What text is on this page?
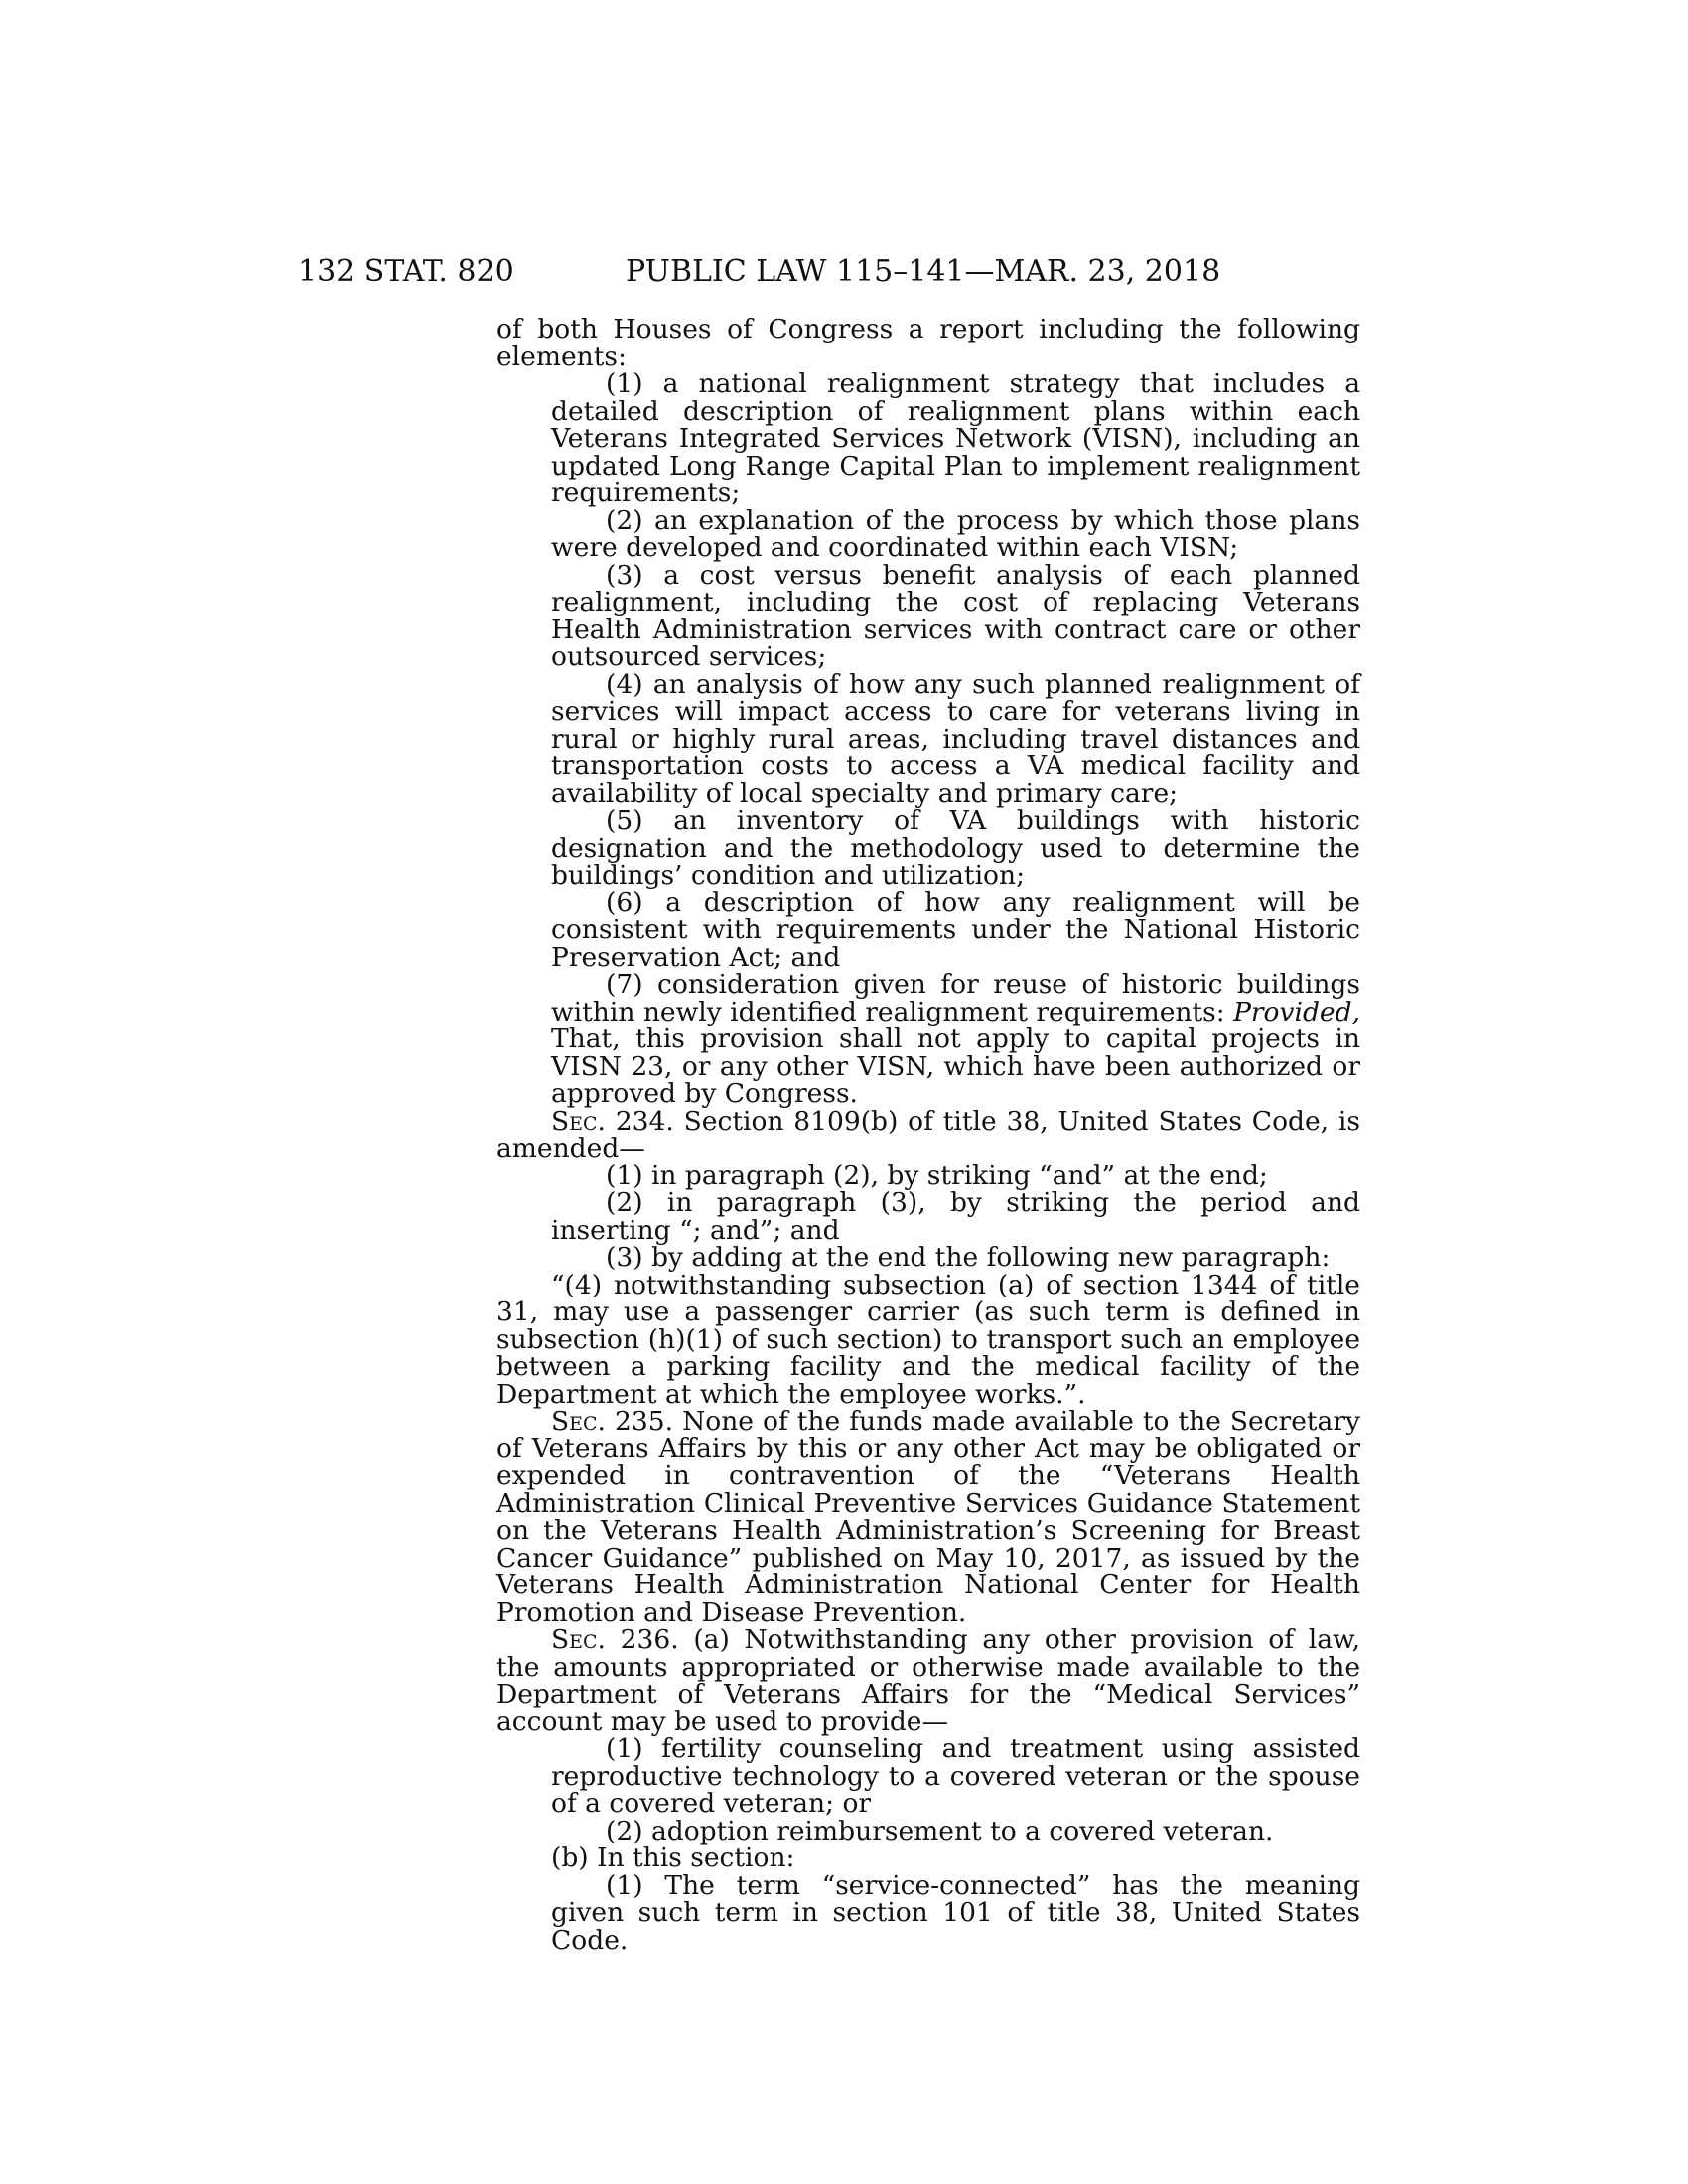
132 STAT. 820	PUBLIC LAW 115–141—MAR. 23, 2018

of both Houses of Congress a report including the following elements:

(1) a national realignment strategy that includes a detailed description of realignment plans within each Veterans Integrated Services Network (VISN), including an updated Long Range Capital Plan to implement realignment requirements;

(2) an explanation of the process by which those plans were developed and coordinated within each VISN;

(3) a cost versus benefit analysis of each planned realignment, including the cost of replacing Veterans Health Administration services with contract care or other outsourced services;

(4) an analysis of how any such planned realignment of services will impact access to care for veterans living in rural or highly rural areas, including travel distances and transportation costs to access a VA medical facility and availability of local specialty and primary care;

(5) an inventory of VA buildings with historic designation and the methodology used to determine the buildings’ condition and utilization;

(6) a description of how any realignment will be consistent with requirements under the National Historic Preservation Act; and

(7) consideration given for reuse of historic buildings within newly identified realignment requirements: Provided, That, this provision shall not apply to capital projects in VISN 23, or any other VISN, which have been authorized or approved by Congress.

Sec. 234. Section 8109(b) of title 38, United States Code, is amended—

(1) in paragraph (2), by striking “and” at the end;

(2) in paragraph (3), by striking the period and inserting “; and”; and

(3) by adding at the end the following new paragraph:

“(4) notwithstanding subsection (a) of section 1344 of title 31, may use a passenger carrier (as such term is defined in subsection (h)(1) of such section) to transport such an employee between a parking facility and the medical facility of the Department at which the employee works.”.

Sec. 235. None of the funds made available to the Secretary of Veterans Affairs by this or any other Act may be obligated or expended in contravention of the “Veterans Health Administration Clinical Preventive Services Guidance Statement on the Veterans Health Administration’s Screening for Breast Cancer Guidance” published on May 10, 2017, as issued by the Veterans Health Administration National Center for Health Promotion and Disease Prevention.

Sec. 236. (a) Notwithstanding any other provision of law, the amounts appropriated or otherwise made available to the Department of Veterans Affairs for the “Medical Services” account may be used to provide—

(1) fertility counseling and treatment using assisted reproductive technology to a covered veteran or the spouse of a covered veteran; or

(2) adoption reimbursement to a covered veteran.

(b) In this section:

(1) The term “service-connected” has the meaning given such term in section 101 of title 38, United States Code.
